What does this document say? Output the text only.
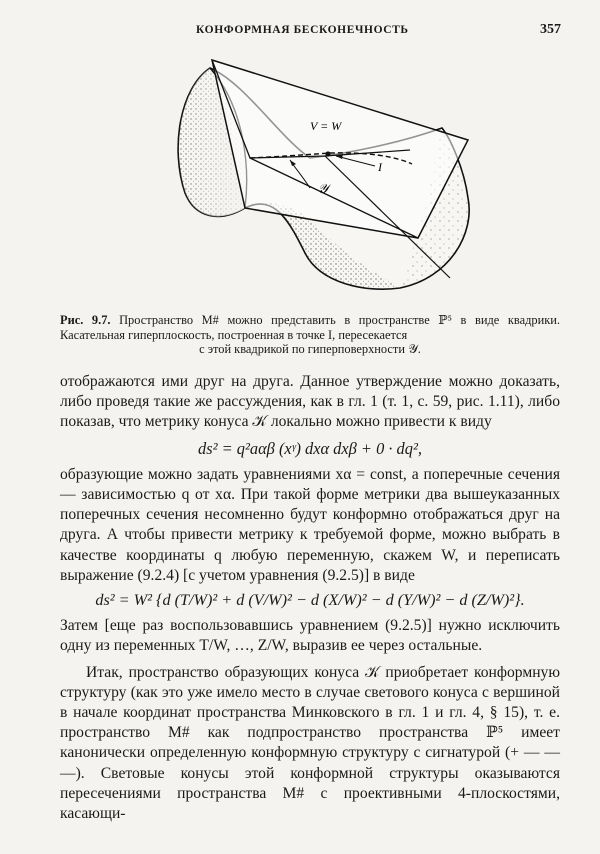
КОНФОРМНАЯ БЕСКОНЕЧНОСТЬ	357
V = W
I
𝒴
Рис. 9.7. Пространство M# можно представить в пространстве ℙ⁵ в виде квадрики. Касательная гиперплоскость, построенная в точке I, пересекается
с этой квадрикой по гиперповерхности 𝒴.

отображаются ими друг на друга. Данное утверждение можно доказать, либо проведя такие же рассуждения, как в гл. 1 (т. 1, с. 59, рис. 1.11), либо показав, что метрику конуса 𝒦 локально можно привести к виду

ds² = q²aαβ (xᵞ) dxα dxβ + 0 · dq²,

образующие можно задать уравнениями xα = const, а поперечные сечения — зависимостью q от xα. При такой форме метрики два вышеуказанных поперечных сечения несомненно будут конформно отображаться друг на друга. А чтобы привести метрику к требуемой форме, можно выбрать в качестве координаты q любую переменную, скажем W, и переписать выражение (9.2.4) [с учетом уравнения (9.2.5)] в виде

ds² = W² {d (T/W)² + d (V/W)² − d (X/W)² − d (Y/W)² − d (Z/W)²}.

Затем [еще раз воспользовавшись уравнением (9.2.5)] нужно исключить одну из переменных T/W, …, Z/W, выразив ее через остальные.

Итак, пространство образующих конуса 𝒦 приобретает конформную структуру (как это уже имело место в случае светового конуса с вершиной в начале координат пространства Минковского в гл. 1 и гл. 4, § 15), т. е. пространство M# как подпространство пространства ℙ⁵ имеет канонически определенную конформную структуру с сигнатурой (+ — — —). Световые конусы этой конформной структуры оказываются пересечениями пространства M# с проективными 4-плоскостями, касающи-
